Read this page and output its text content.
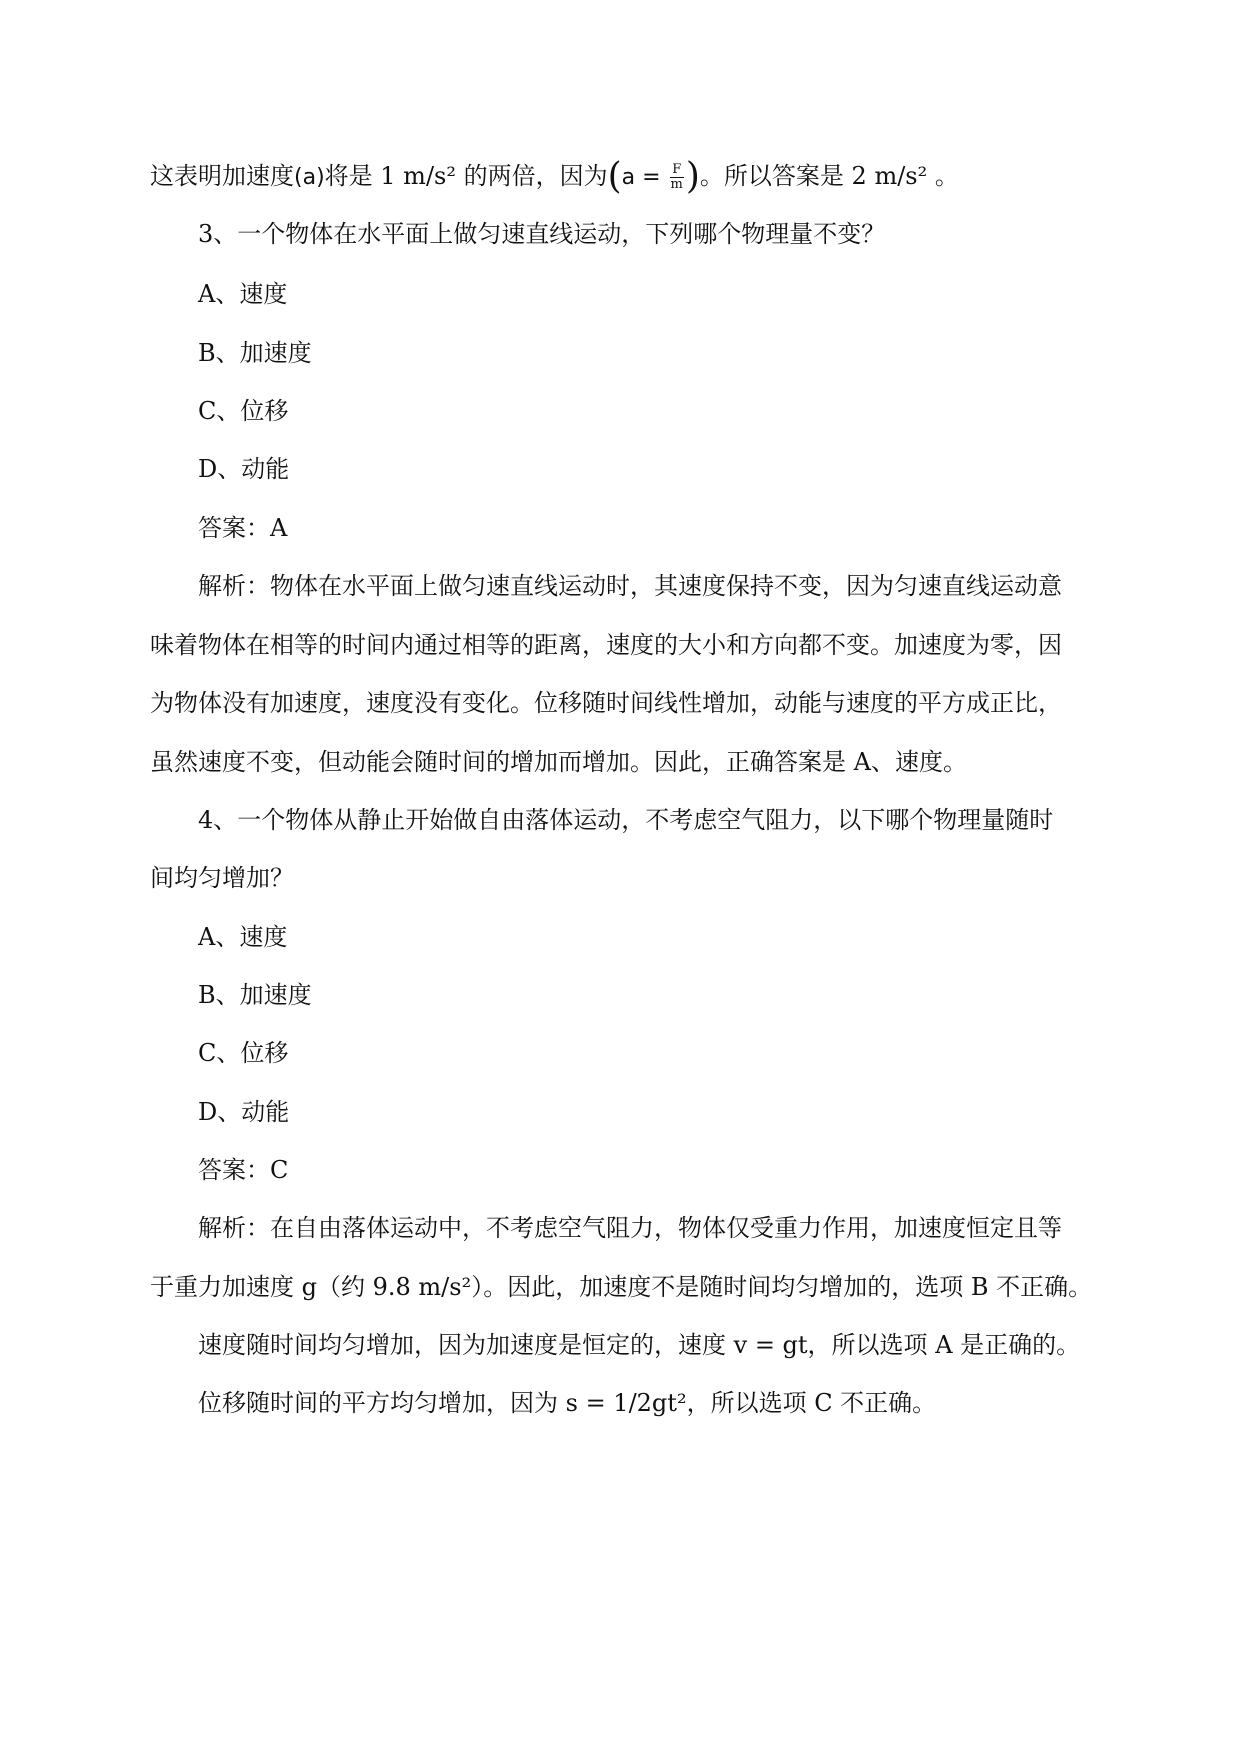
这表明加速度(a)将是 1 m/s² 的两倍，因为($a = \frac{F}{m}$ )。所以答案是 2 m/s² 。
3、一个物体在水平面上做匀速直线运动，下列哪个物理量不变？
A、速度
B、加速度
C、位移
D、动能
答案：A
解析：物体在水平面上做匀速直线运动时，其速度保持不变，因为匀速直线运动意
味着物体在相等的时间内通过相等的距离，速度的大小和方向都不变。加速度为零，因
为物体没有加速度，速度没有变化。位移随时间线性增加，动能与速度的平方成正比，
虽然速度不变，但动能会随时间的增加而增加。因此，正确答案是 A、速度。
4、一个物体从静止开始做自由落体运动，不考虑空气阻力，以下哪个物理量随时
间均匀增加？
A、速度
B、加速度
C、位移
D、动能
答案：C
解析：在自由落体运动中，不考虑空气阻力，物体仅受重力作用，加速度恒定且等
于重力加速度 g（约 9.8 m/s²）。因此，加速度不是随时间均匀增加的，选项 B 不正确。
速度随时间均匀增加，因为加速度是恒定的，速度 v = gt，所以选项 A 是正确的。
位移随时间的平方均匀增加，因为 s = 1/2gt²，所以选项 C 不正确。
